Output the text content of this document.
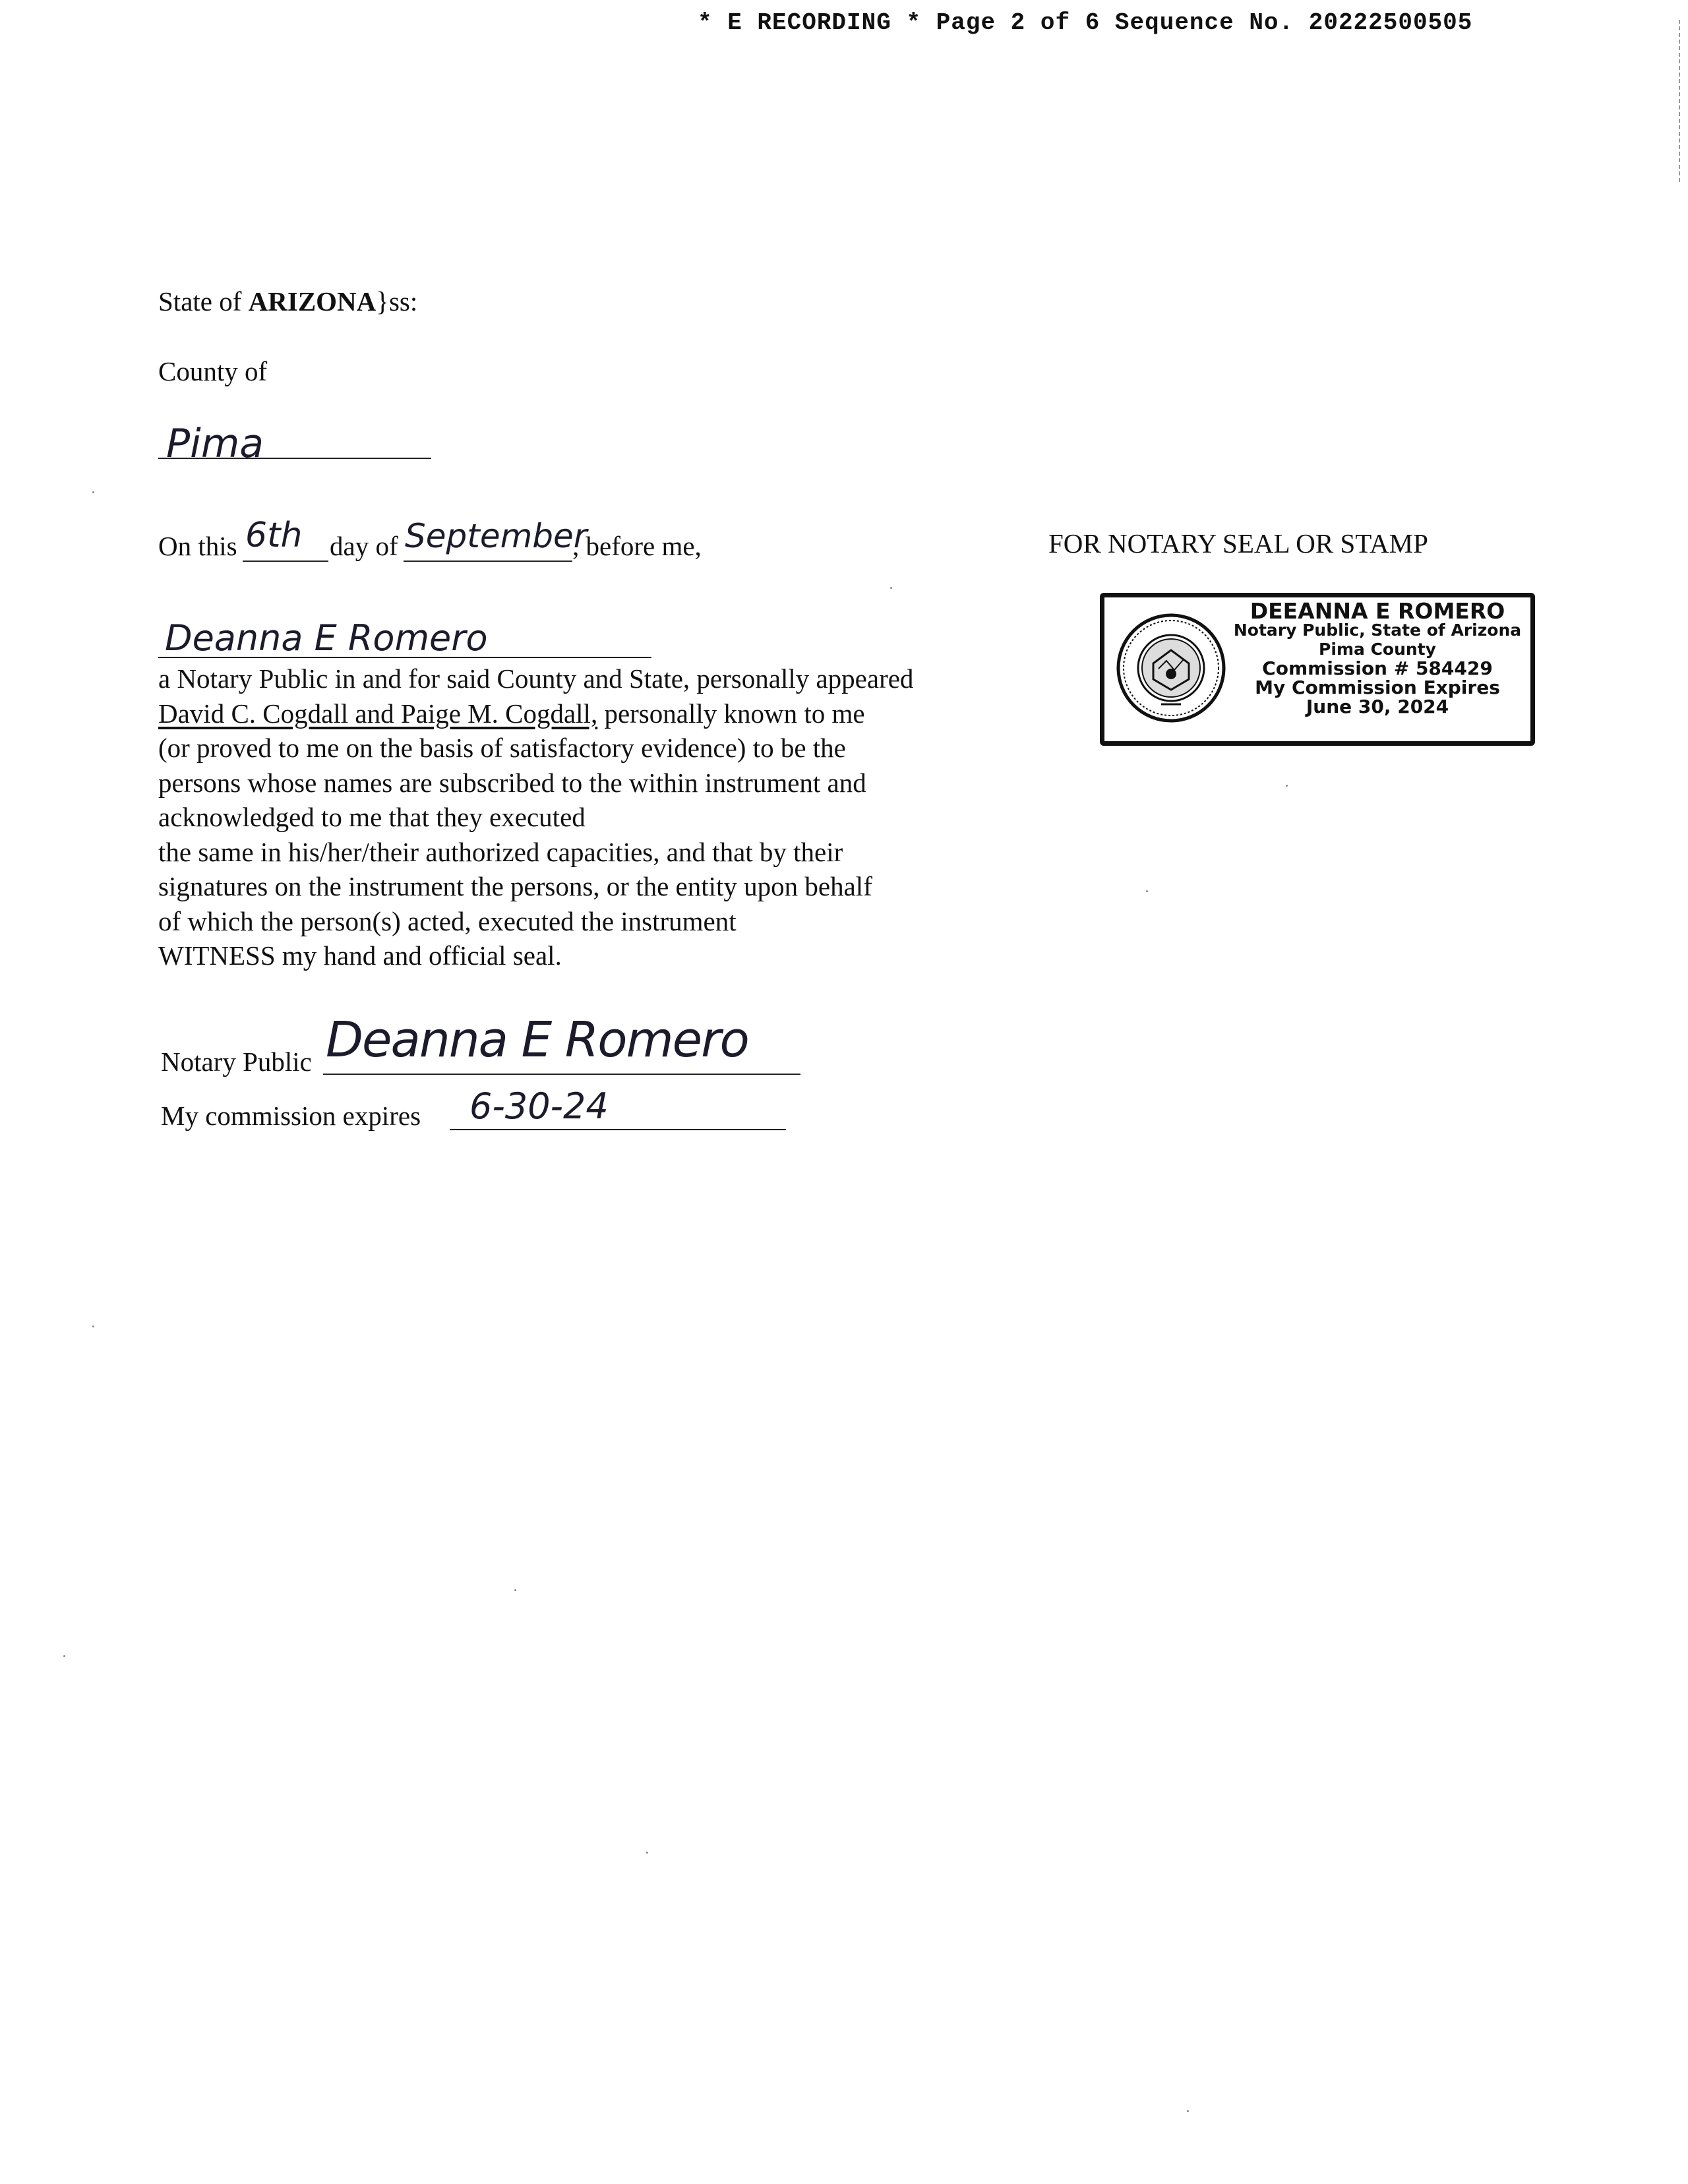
* E RECORDING * Page 2 of 6 Sequence No. 20222500505
State of ARIZONA}ss:
County of
Pima
On this 6th day of September
, before me,
Deanna E Romero
a Notary Public in and for said County and State, personally appeared
David C. Cogdall and Paige M. Cogdall, personally known to me
(or proved to me on the basis of satisfactory evidence) to be the
persons whose names are subscribed to the within instrument and
acknowledged to me that they executed
the same in his/her/their authorized capacities, and that by their
signatures on the instrument the persons, or the entity upon behalf
of which the person(s) acted, executed the instrument
WITNESS my hand and official seal.
Notary Public Deanna E Romero
My commission expires 6-30-24
FOR NOTARY SEAL OR STAMP
DEEANNA E ROMERO
Notary Public, State of Arizona
Pima County
Commission # 584429
My Commission Expires
June 30, 2024
